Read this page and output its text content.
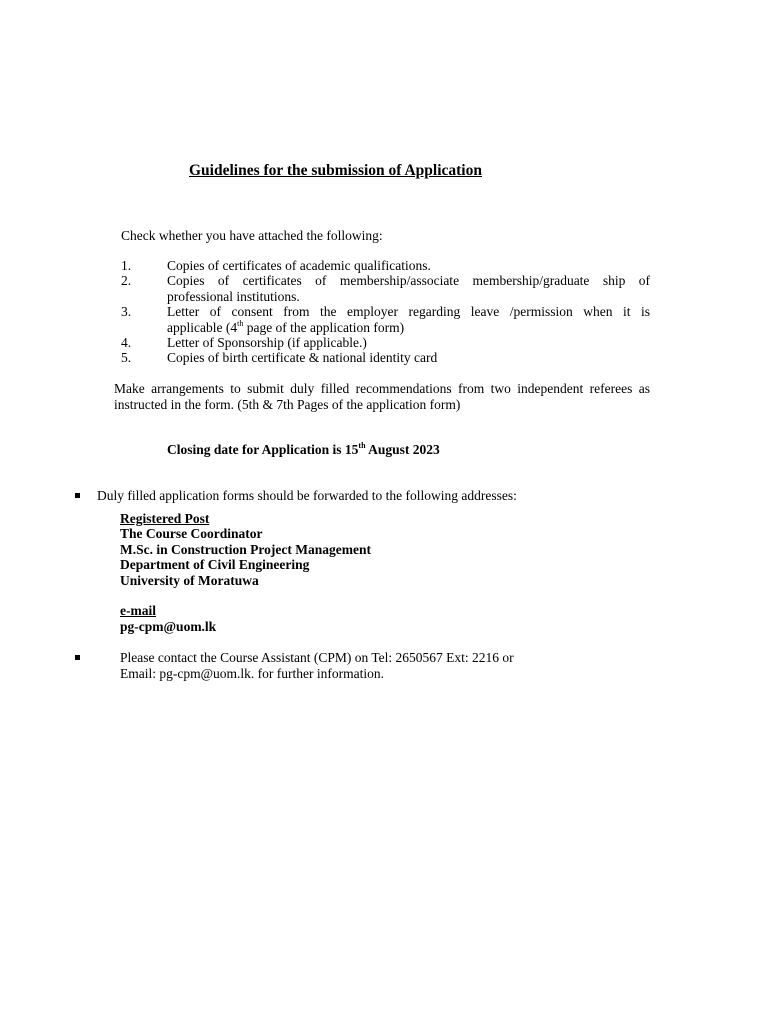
Guidelines for the submission of Application
Check whether you have attached the following:
1.	Copies of certificates of academic qualifications.
2.	Copies of certificates of membership/associate membership/graduate ship of
professional institutions.
3.	Letter of consent from the employer regarding leave /permission when it is
applicable (4th page of the application form)
4.	Letter of Sponsorship (if applicable.)
5.	Copies of birth certificate & national identity card
Make arrangements to submit duly filled recommendations from two independent referees as
instructed in the form. (5th & 7th Pages of the application form)
Closing date for Application is 15th August 2023
Duly filled application forms should be forwarded to the following addresses:
Registered Post
The Course Coordinator
M.Sc. in Construction Project Management
Department of Civil Engineering
University of Moratuwa
e-mail
pg-cpm@uom.lk
Please contact the Course Assistant (CPM) on Tel: 2650567 Ext: 2216 or
Email: pg-cpm@uom.lk. for further information.
